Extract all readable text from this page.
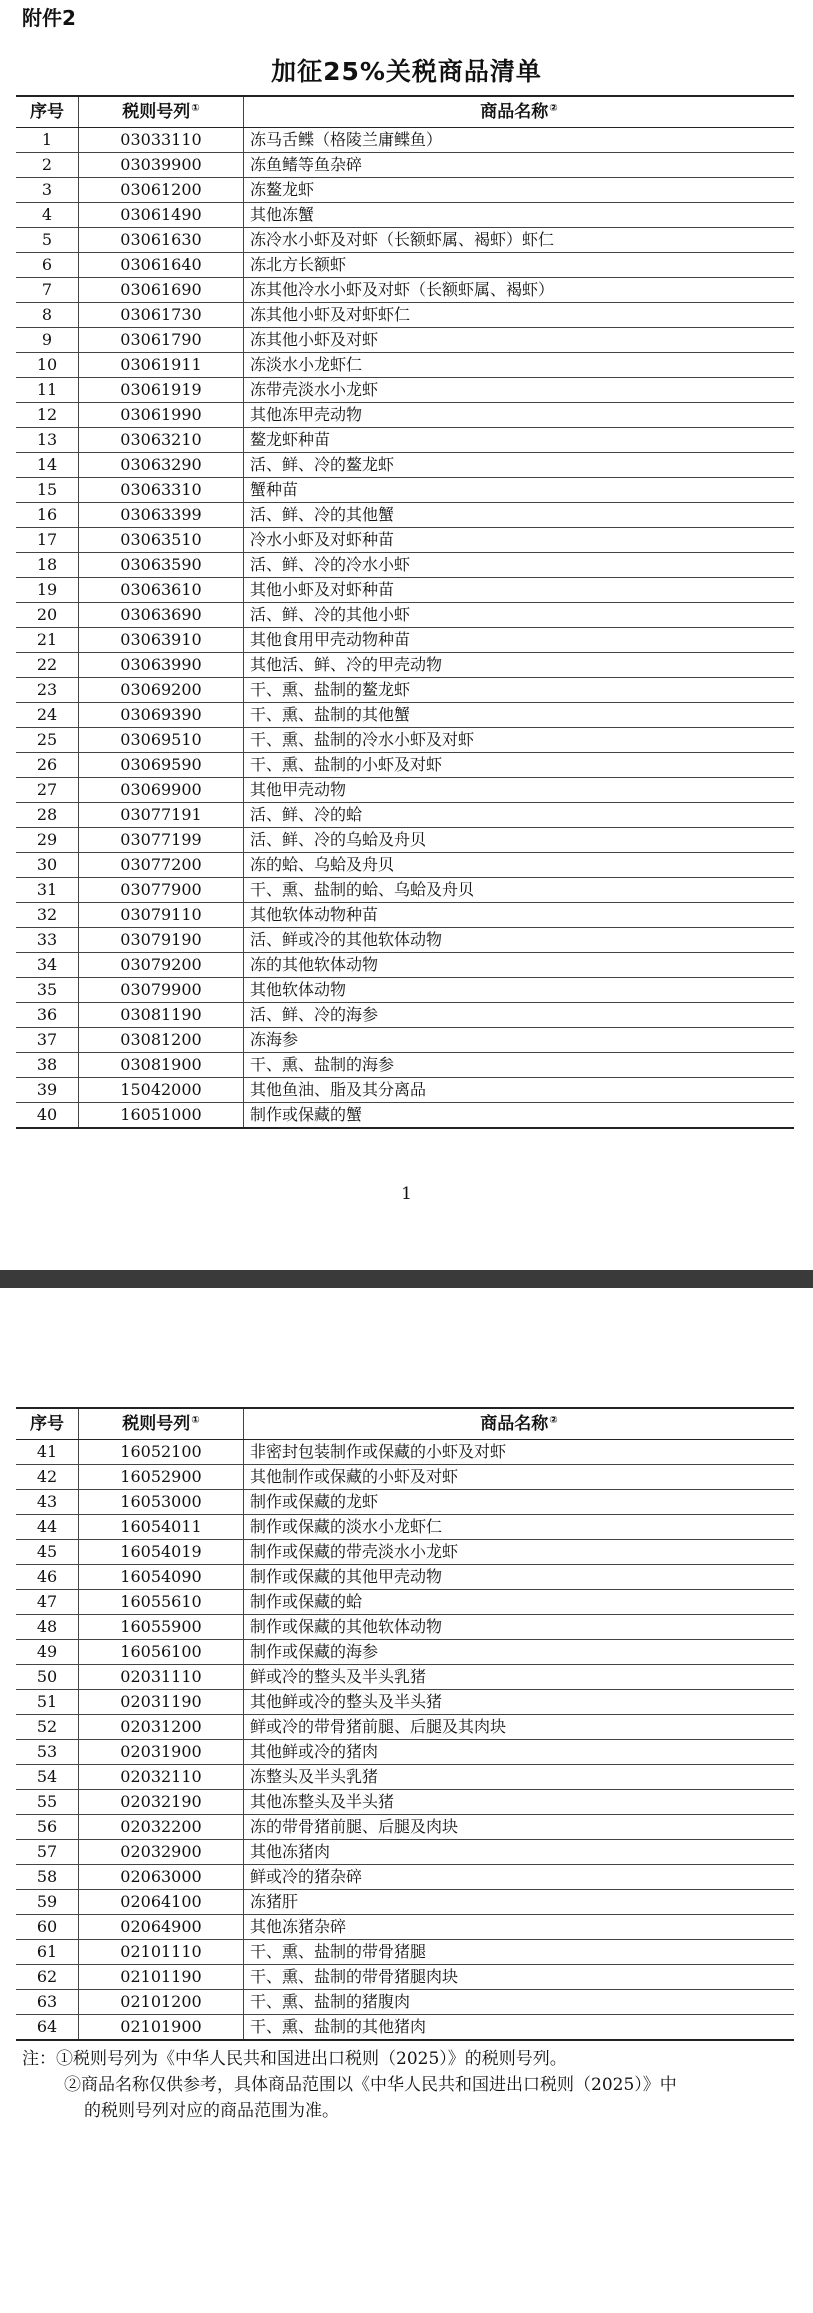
附件2
加征25%关税商品清单
序号	税则号列①	商品名称②
1	03033110	冻马舌鲽（格陵兰庸鲽鱼）
2	03039900	冻鱼鳍等鱼杂碎
3	03061200	冻鳌龙虾
4	03061490	其他冻蟹
5	03061630	冻冷水小虾及对虾（长额虾属、褐虾）虾仁
6	03061640	冻北方长额虾
7	03061690	冻其他冷水小虾及对虾（长额虾属、褐虾）
8	03061730	冻其他小虾及对虾虾仁
9	03061790	冻其他小虾及对虾
10	03061911	冻淡水小龙虾仁
11	03061919	冻带壳淡水小龙虾
12	03061990	其他冻甲壳动物
13	03063210	鳌龙虾种苗
14	03063290	活、鲜、冷的鳌龙虾
15	03063310	蟹种苗
16	03063399	活、鲜、冷的其他蟹
17	03063510	冷水小虾及对虾种苗
18	03063590	活、鲜、冷的冷水小虾
19	03063610	其他小虾及对虾种苗
20	03063690	活、鲜、冷的其他小虾
21	03063910	其他食用甲壳动物种苗
22	03063990	其他活、鲜、冷的甲壳动物
23	03069200	干、熏、盐制的鳌龙虾
24	03069390	干、熏、盐制的其他蟹
25	03069510	干、熏、盐制的冷水小虾及对虾
26	03069590	干、熏、盐制的小虾及对虾
27	03069900	其他甲壳动物
28	03077191	活、鲜、冷的蛤
29	03077199	活、鲜、冷的乌蛤及舟贝
30	03077200	冻的蛤、乌蛤及舟贝
31	03077900	干、熏、盐制的蛤、乌蛤及舟贝
32	03079110	其他软体动物种苗
33	03079190	活、鲜或冷的其他软体动物
34	03079200	冻的其他软体动物
35	03079900	其他软体动物
36	03081190	活、鲜、冷的海参
37	03081200	冻海参
38	03081900	干、熏、盐制的海参
39	15042000	其他鱼油、脂及其分离品
40	16051000	制作或保藏的蟹
1
序号	税则号列①	商品名称②
41	16052100	非密封包装制作或保藏的小虾及对虾
42	16052900	其他制作或保藏的小虾及对虾
43	16053000	制作或保藏的龙虾
44	16054011	制作或保藏的淡水小龙虾仁
45	16054019	制作或保藏的带壳淡水小龙虾
46	16054090	制作或保藏的其他甲壳动物
47	16055610	制作或保藏的蛤
48	16055900	制作或保藏的其他软体动物
49	16056100	制作或保藏的海参
50	02031110	鲜或冷的整头及半头乳猪
51	02031190	其他鲜或冷的整头及半头猪
52	02031200	鲜或冷的带骨猪前腿、后腿及其肉块
53	02031900	其他鲜或冷的猪肉
54	02032110	冻整头及半头乳猪
55	02032190	其他冻整头及半头猪
56	02032200	冻的带骨猪前腿、后腿及肉块
57	02032900	其他冻猪肉
58	02063000	鲜或冷的猪杂碎
59	02064100	冻猪肝
60	02064900	其他冻猪杂碎
61	02101110	干、熏、盐制的带骨猪腿
62	02101190	干、熏、盐制的带骨猪腿肉块
63	02101200	干、熏、盐制的猪腹肉
64	02101900	干、熏、盐制的其他猪肉
注：①税则号列为《中华人民共和国进出口税则（2025）》的税则号列。
②商品名称仅供参考，具体商品范围以《中华人民共和国进出口税则（2025）》中
的税则号列对应的商品范围为准。
